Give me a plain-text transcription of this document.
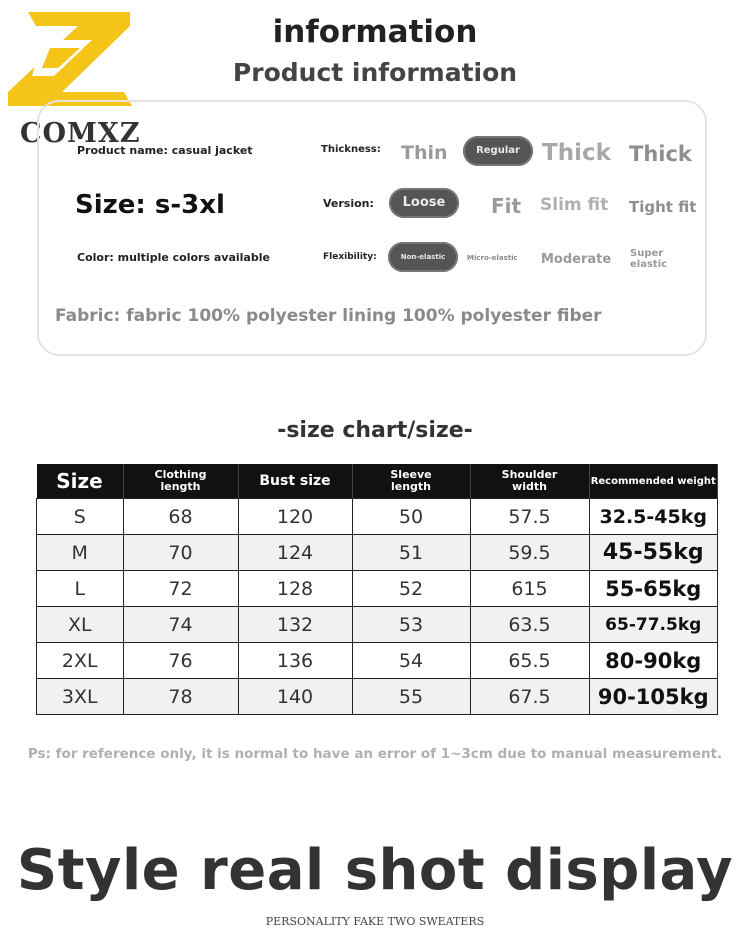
COMXZ
information
Product information
Product name: casual jacket
Size: s-3xl
Color: multiple colors available
Thickness: Thin	Regular Thick Thick
Version:	Loose	Fit Slim fit Tight fit
Flexibility:	Non-elastic	Micro-elastic Moderate Super elastic
Fabric: fabric 100% polyester lining 100% polyester fiber
-size chart/size-
Size	Clothing length	Bust size	Sleeve length	Shoulder width	Recommended weight
S	68	120	50	57.5	32.5-45kg
M	70	124	51	59.5	45-55kg
L	72	128	52	615	55-65kg
XL	74	132	53	63.5	65-77.5kg
2XL	76	136	54	65.5	80-90kg
3XL	78	140	55	67.5	90-105kg
Ps: for reference only, it is normal to have an error of 1~3cm due to manual measurement.
Style real shot display
PERSONALITY FAKE TWO SWEATERS
